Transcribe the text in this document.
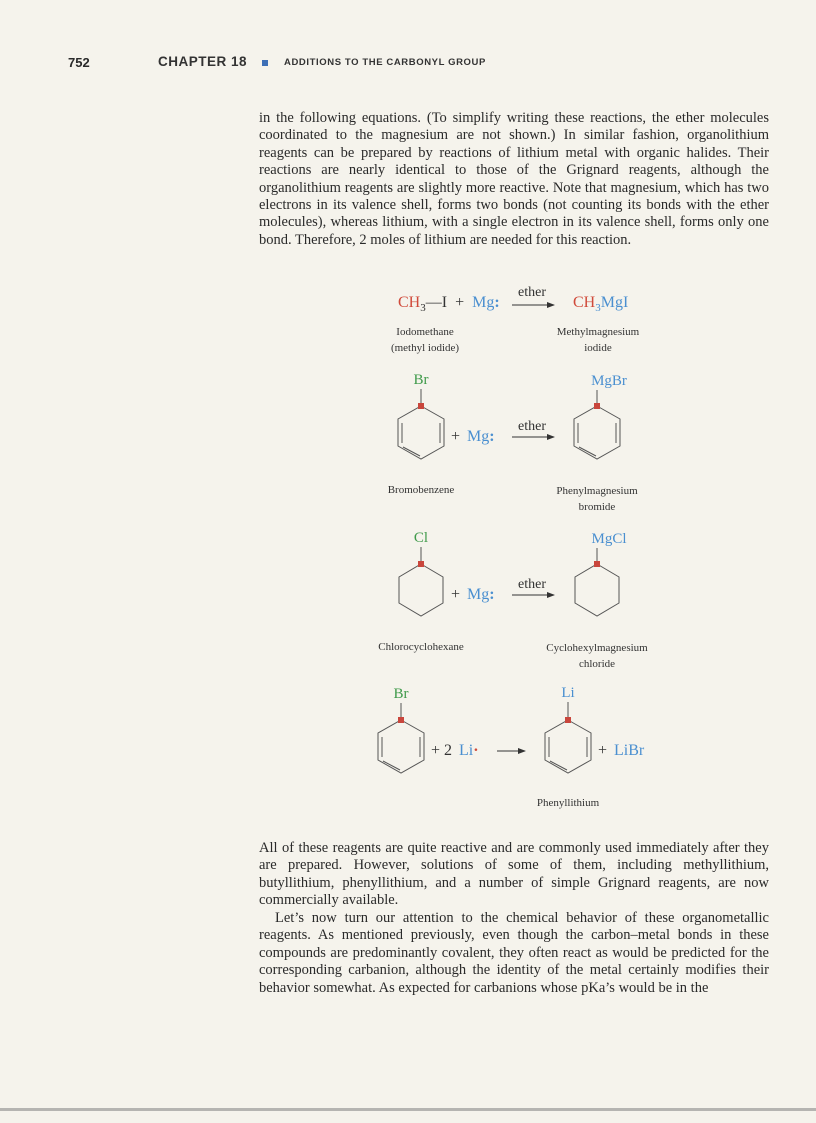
752	CHAPTER 18	ADDITIONS TO THE CARBONYL GROUP

in the following equations. (To simplify writing these reactions, the ether molecules coordinated to the magnesium are not shown.) In similar fashion, organolithium reagents can be prepared by reactions of lithium metal with organic halides. Their reactions are nearly identical to those of the Grignard reagents, although the organolithium reagents are slightly more reactive. Note that magnesium, which has two electrons in its valence shell, forms two bonds (not counting its bonds with the ether molecules), whereas lithium, with a single electron in its valence shell, forms only one bond. Therefore, 2 moles of lithium are needed for this reaction.

$CH_3—I + Mg$:
ether
$CH_3MgI$
Iodomethane
(methyl iodide)
Methylmagnesium
iodide
Br
+ Mg:
ether
MgBr
Bromobenzene	Phenylmagnesium
bromide
Cl
+ Mg:
ether
MgCl
Chlorocyclohexane	Cyclohexylmagnesium
chloride
Br
+ 2 Li·
Li
+ LiBr
Phenyllithium

All of these reagents are quite reactive and are commonly used immediately after they are prepared. However, solutions of some of them, including methyllithium, butyllithium, phenyllithium, and a number of simple Grignard reagents, are now commercially available.

Let’s now turn our attention to the chemical behavior of these organometallic reagents. As mentioned previously, even though the carbon–metal bonds in these compounds are predominantly covalent, they often react as would be predicted for the corresponding carbanion, although the identity of the metal certainly modifies their behavior somewhat. As expected for carbanions whose pKa’s would be in the
